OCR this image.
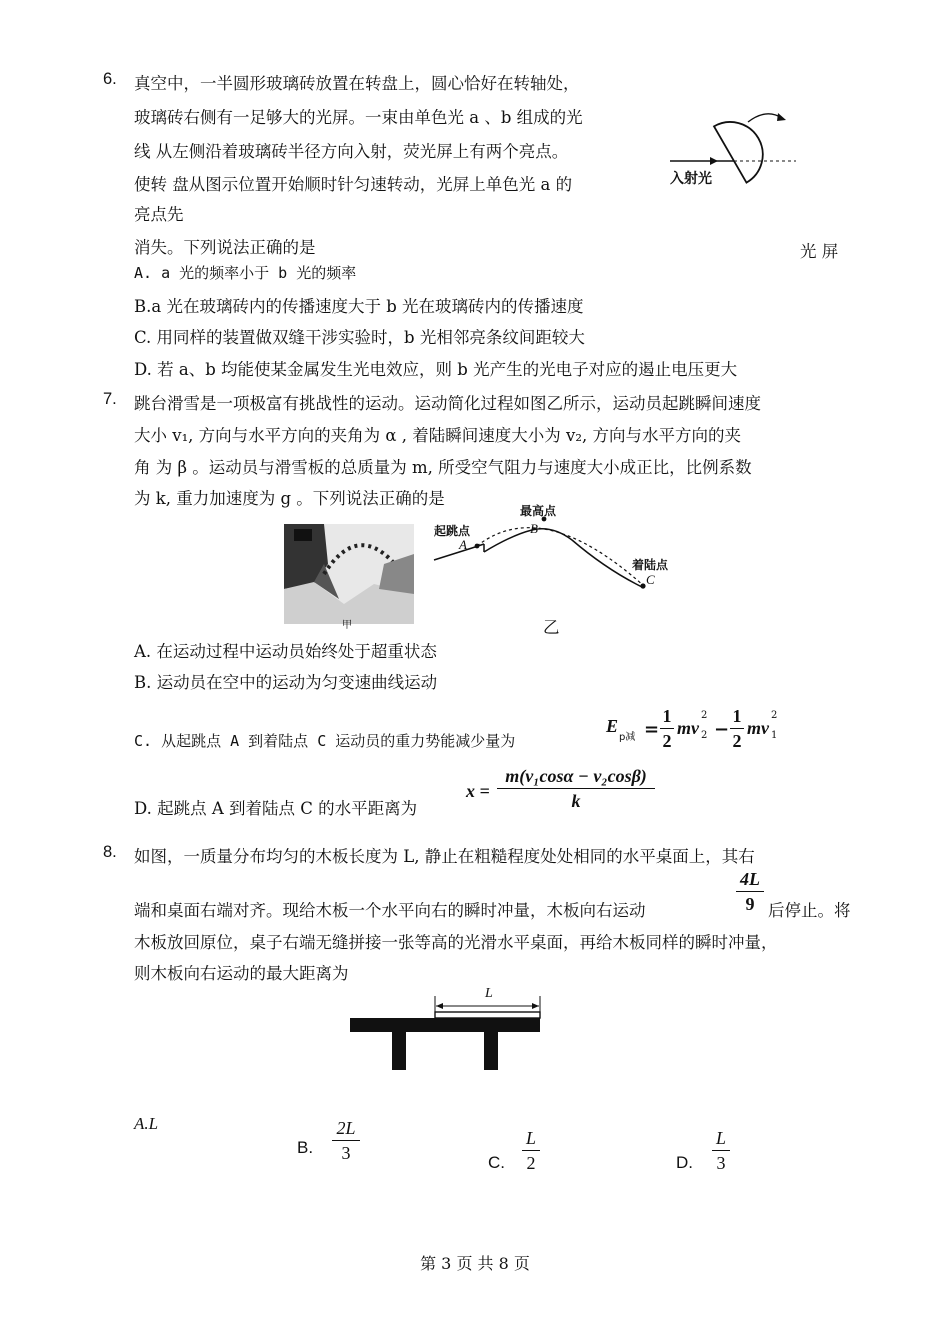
6. 真空中，一半圆形玻璃砖放置在转盘上，圆心恰好在转轴处，
玻璃砖右侧有一足够大的光屏。一束由单色光 a 、b 组成的光
线 从左侧沿着玻璃砖半径方向入射，荧光屏上有两个亮点。
使转 盘从图示位置开始顺时针匀速转动，光屏上单色光 a 的
亮点先
消失。下列说法正确的是
入射光
光 屏
A. a 光的频率小于 b 光的频率
B.a 光在玻璃砖内的传播速度大于 b 光在玻璃砖内的传播速度
C. 用同样的装置做双缝干涉实验时，b 光相邻亮条纹间距较大
D. 若 a、b 均能使某金属发生光电效应，则 b 光产生的光电子对应的遏止电压更大
7. 跳台滑雪是一项极富有挑战性的运动。运动简化过程如图乙所示，运动员起跳瞬间速度
大小 v₁, 方向与水平方向的夹角为 α , 着陆瞬间速度大小为 v₂, 方向与水平方向的夹
角 为 β 。运动员与滑雪板的总质量为 m, 所受空气阻力与速度大小成正比，比例系数
为 k, 重力加速度为 g 。下列说法正确的是
甲
起跳点
A
最高点
B
着陆点
C
乙
A. 在运动过程中运动员始终处于超重状态
B. 运动员在空中的运动为匀变速曲线运动
C. 从起跳点 A 到着陆点 C 运动员的重力势能减少量为
E
p减 =
1
2
mv
2
2 −
1
2
mv
2
1
D. 起跳点 A 到着陆点 C 的水平距离为
x =
m(v₁cosα − v₂cosβ)
k
8. 如图，一质量分布均匀的木板长度为 L, 静止在粗糙程度处处相同的水平桌面上，其右
端和桌面右端对齐。现给木板一个水平向右的瞬时冲量，木板向右运动
4L
9 后停止。将
木板放回原位，桌子右端无缝拼接一张等高的光滑水平桌面，再给木板同样的瞬时冲量，
则木板向右运动的最大距离为
L
A.L
B.
2L
3	C.
L
2	D.
L
3
第 3 页 共 8 页
